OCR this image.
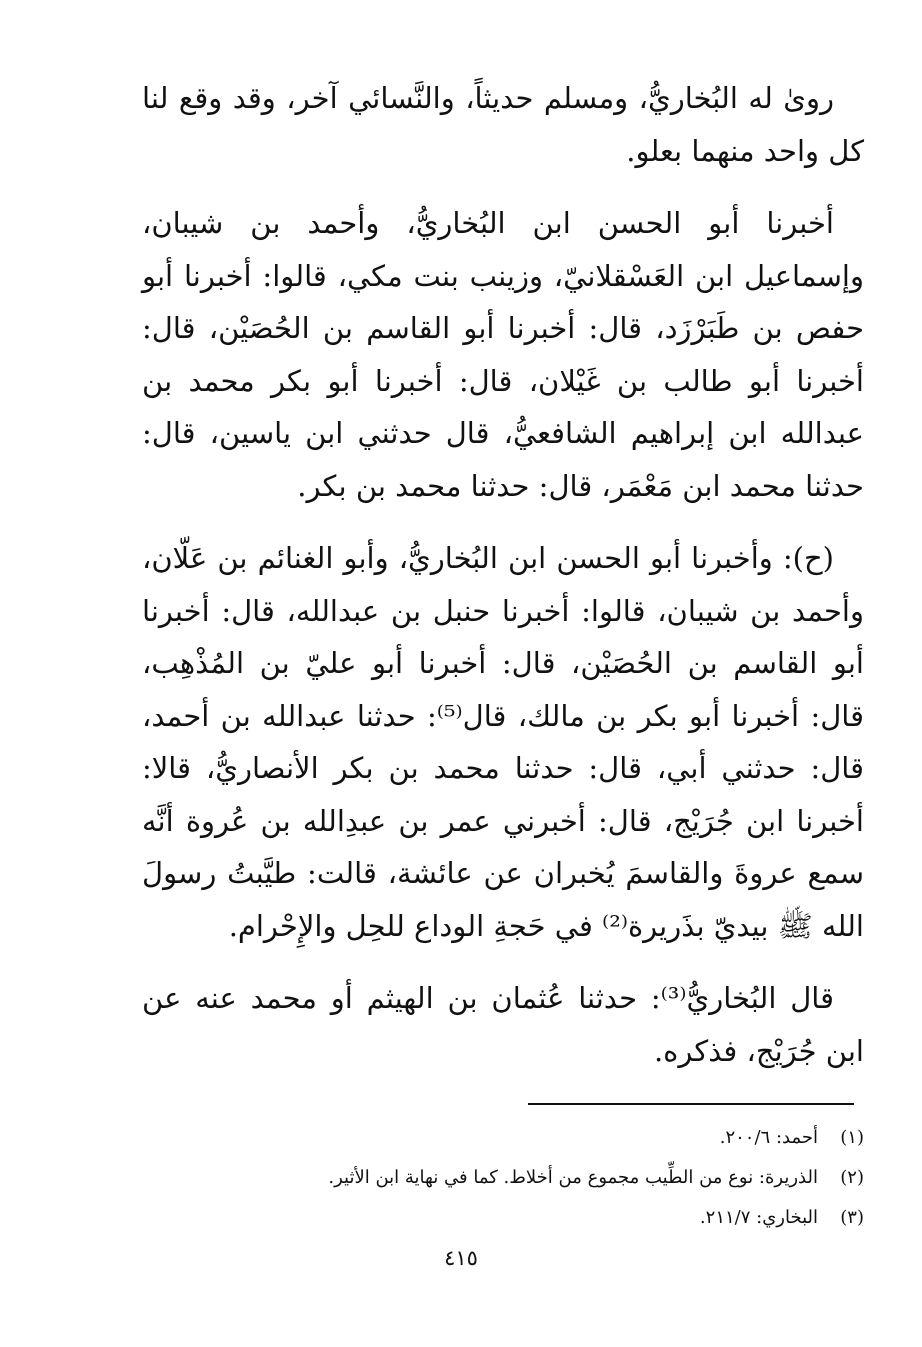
روىٰ له البُخاريُّ، ومسلم حديثاً، والنَّسائي آخر، وقد وقع لنا كل واحد منهما بعلو.

أخبرنا أبو الحسن ابن البُخاريُّ، وأحمد بن شيبان، وإسماعيل ابن العَسْقلانيّ، وزينب بنت مكي، قالوا: أخبرنا أبو حفص بن طَبَرْزَد، قال: أخبرنا أبو القاسم بن الحُصَيْن، قال: أخبرنا أبو طالب بن غَيْلان، قال: أخبرنا أبو بكر محمد بن عبدالله ابن إبراهيم الشافعيُّ، قال حدثني ابن ياسين، قال: حدثنا محمد ابن مَعْمَر، قال: حدثنا محمد بن بكر.

(ح): وأخبرنا أبو الحسن ابن البُخاريُّ، وأبو الغنائم بن عَلّان، وأحمد بن شيبان، قالوا: أخبرنا حنبل بن عبدالله، قال: أخبرنا أبو القاسم بن الحُصَيْن، قال: أخبرنا أبو عليّ بن المُذْهِب، قال: أخبرنا أبو بكر بن مالك، قال⁽⁵⁾: حدثنا عبدالله بن أحمد، قال: حدثني أبي، قال: حدثنا محمد بن بكر الأنصاريُّ، قالا: أخبرنا ابن جُرَيْج، قال: أخبرني عمر بن عبدِالله بن عُروة أنَّه سمع عروةَ والقاسمَ يُخبران عن عائشة، قالت: طيَّبتُ رسولَ الله ﷺ بيديّ بذَريرة⁽²⁾ في حَجةِ الوداع للحِل والإِحْرام.

قال البُخاريُّ⁽³⁾: حدثنا عُثمان بن الهيثم أو محمد عنه عن ابن جُرَيْج، فذكره.

(١)
أحمد: ٢٠٠/٦.
(٢)
الذريرة: نوع من الطِّيب مجموع من أخلاط. كما في نهاية ابن الأثير.
(٣)
البخاري: ٢١١/٧.
٤١٥
